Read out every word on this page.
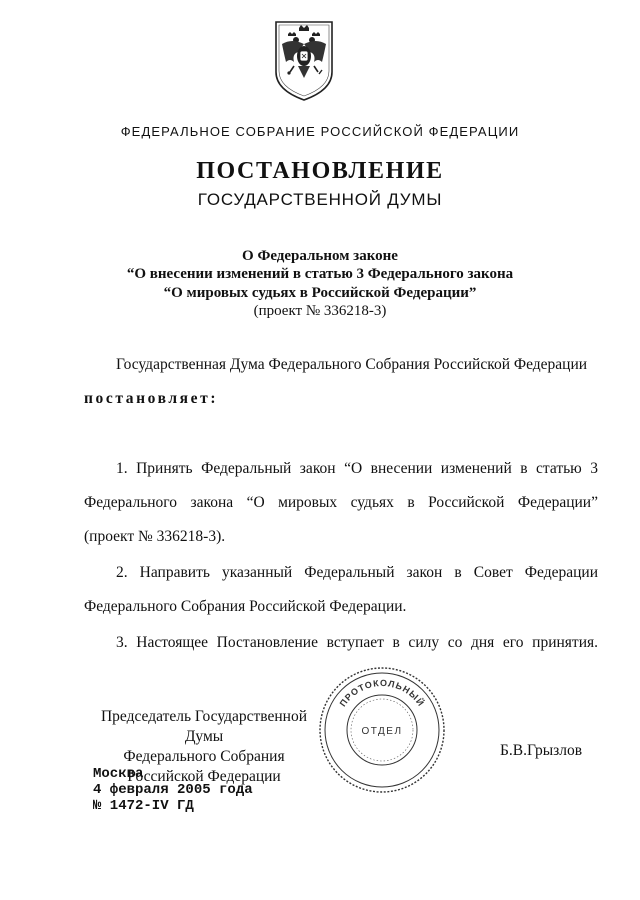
ФЕДЕРАЛЬНОЕ СОБРАНИЕ РОССИЙСКОЙ ФЕДЕРАЦИИ
ПОСТАНОВЛЕНИЕ
ГОСУДАРСТВЕННОЙ ДУМЫ
О Федеральном законе
“О внесении изменений в статью 3 Федерального закона
“О мировых судьях в Российской Федерации”
(проект № 336218-3)
Государственная Дума Федерального Собрания Российской Федерации
постановляет:
1. Принять Федеральный закон “О внесении изменений в статью 3
Федерального закона “О мировых судьях в Российской Федерации”
(проект № 336218-3).
2. Направить указанный Федеральный закон в Совет Федерации
Федерального Собрания Российской Федерации.
3. Настоящее Постановление вступает в силу со дня его принятия.
Председатель Государственной Думы
Федерального Собрания
Российской Федерации
Б.В.Грызлов
Москва
4 февраля 2005 года
№ 1472-IV ГД
ПРОТОКОЛЬНЫЙ
ОТДЕЛ
